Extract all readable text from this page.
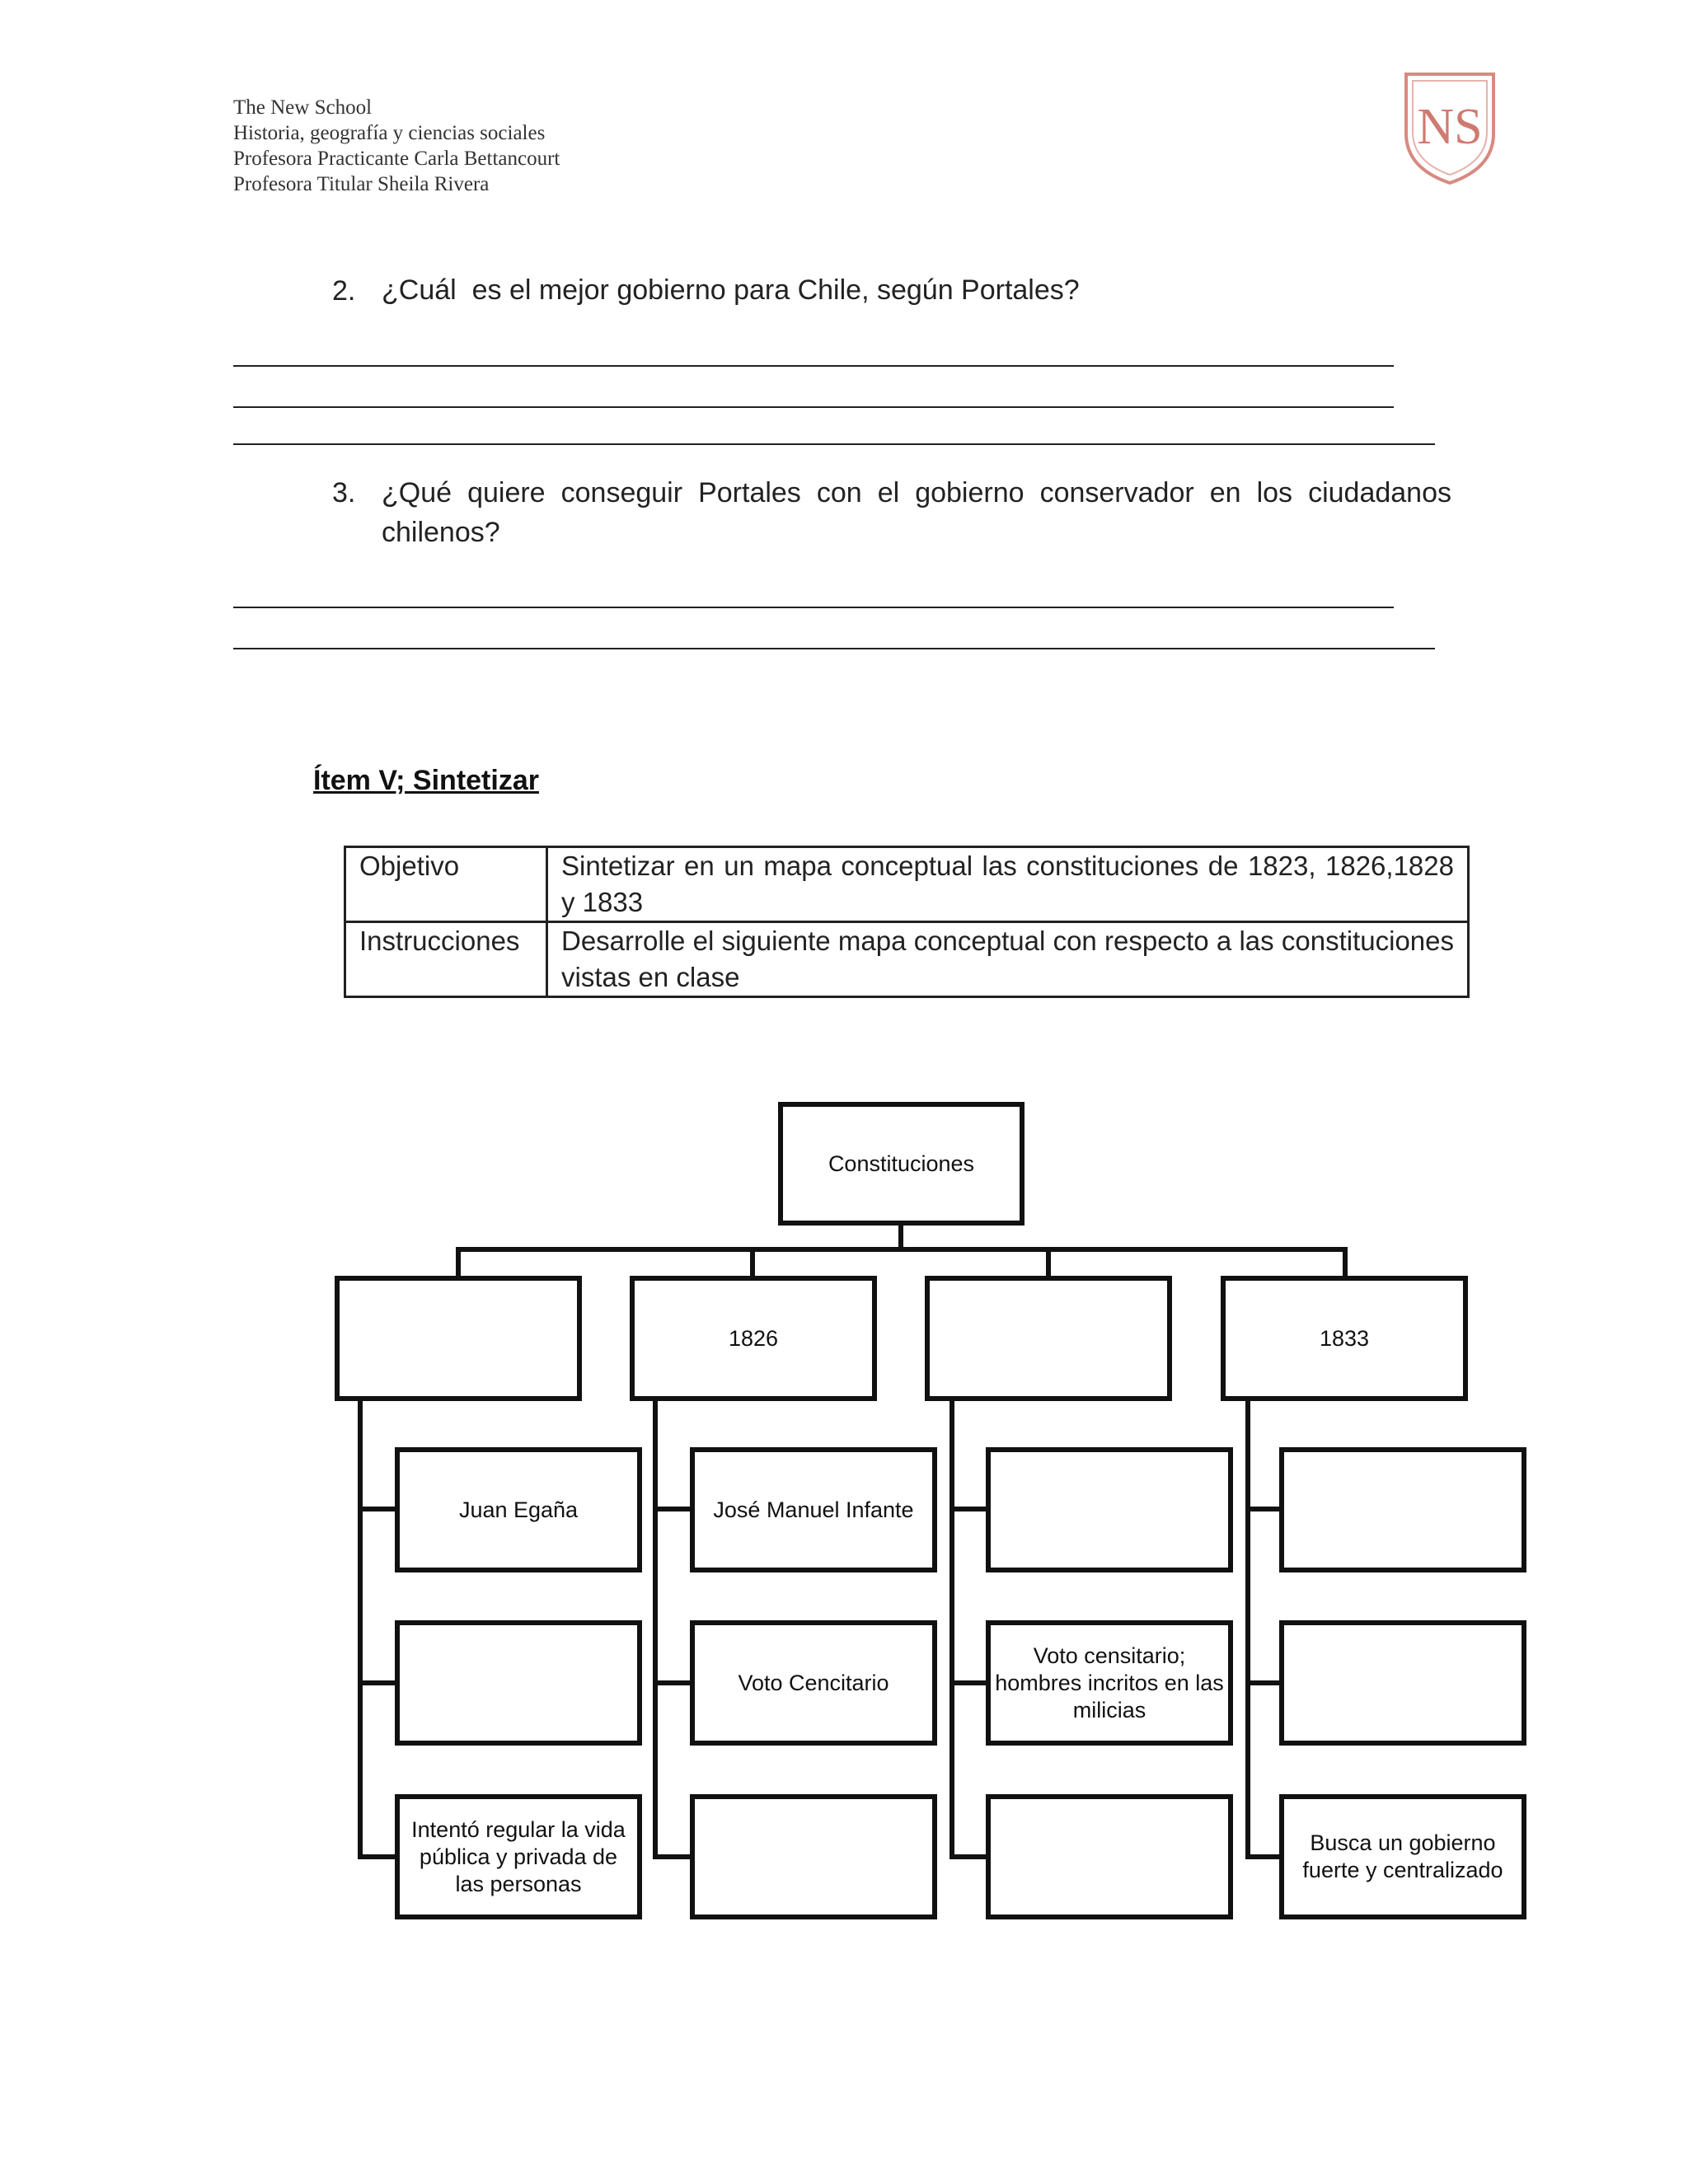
The New School
Historia, geografía y ciencias sociales
Profesora Practicante Carla Bettancourt
Profesora Titular Sheila Rivera
NS
2. ¿Cuál  es el mejor gobierno para Chile, según Portales?
3. ¿Qué quiere conseguir Portales con el gobierno conservador en los ciudadanos chilenos?
Ítem V; Sintetizar
Objetivo	Sintetizar en un mapa conceptual las constituciones de 1823, 1826,1828 y 1833
Instrucciones	Desarrolle el siguiente mapa conceptual con respecto a las constituciones vistas en clase
Constituciones
1826	1833
Juan Egaña
Intentó regular la vida pública y privada de las personas
José Manuel Infante
Voto Cencitario
Voto censitario; hombres incritos en las milicias
Busca un gobierno fuerte y centralizado
